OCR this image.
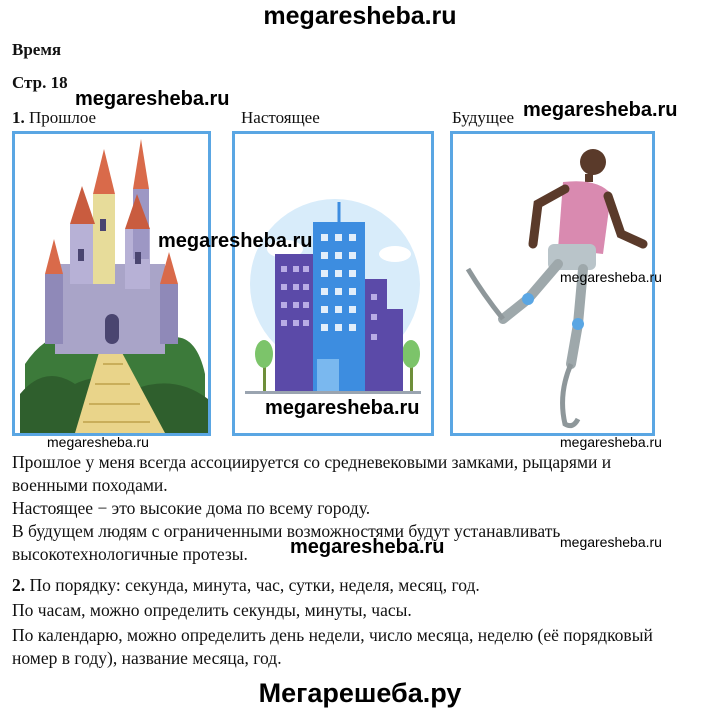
megaresheba.ru
Время
Стр. 18
1. Прошлое	Настоящее	Будущее
megaresheba.ru	megaresheba.ru
megaresheba.ru
megaresheba.ru
megaresheba.ru
megaresheba.ru	megaresheba.ru
Прошлое у меня всегда ассоциируется со средневековыми замками, рыцарями и
военными походами.
Настоящее − это высокие дома по всему городу.
В будущем людям с ограниченными возможностями будут устанавливать
высокотехнологичные протезы.	megaresheba.ru	megaresheba.ru
2. По порядку: секунда, минута, час, сутки, неделя, месяц, год.
По часам, можно определить секунды, минуты, часы.
По календарю, можно определить день недели, число месяца, неделю (её порядковый
номер в году), название месяца, год.
Мегарешеба.ру
